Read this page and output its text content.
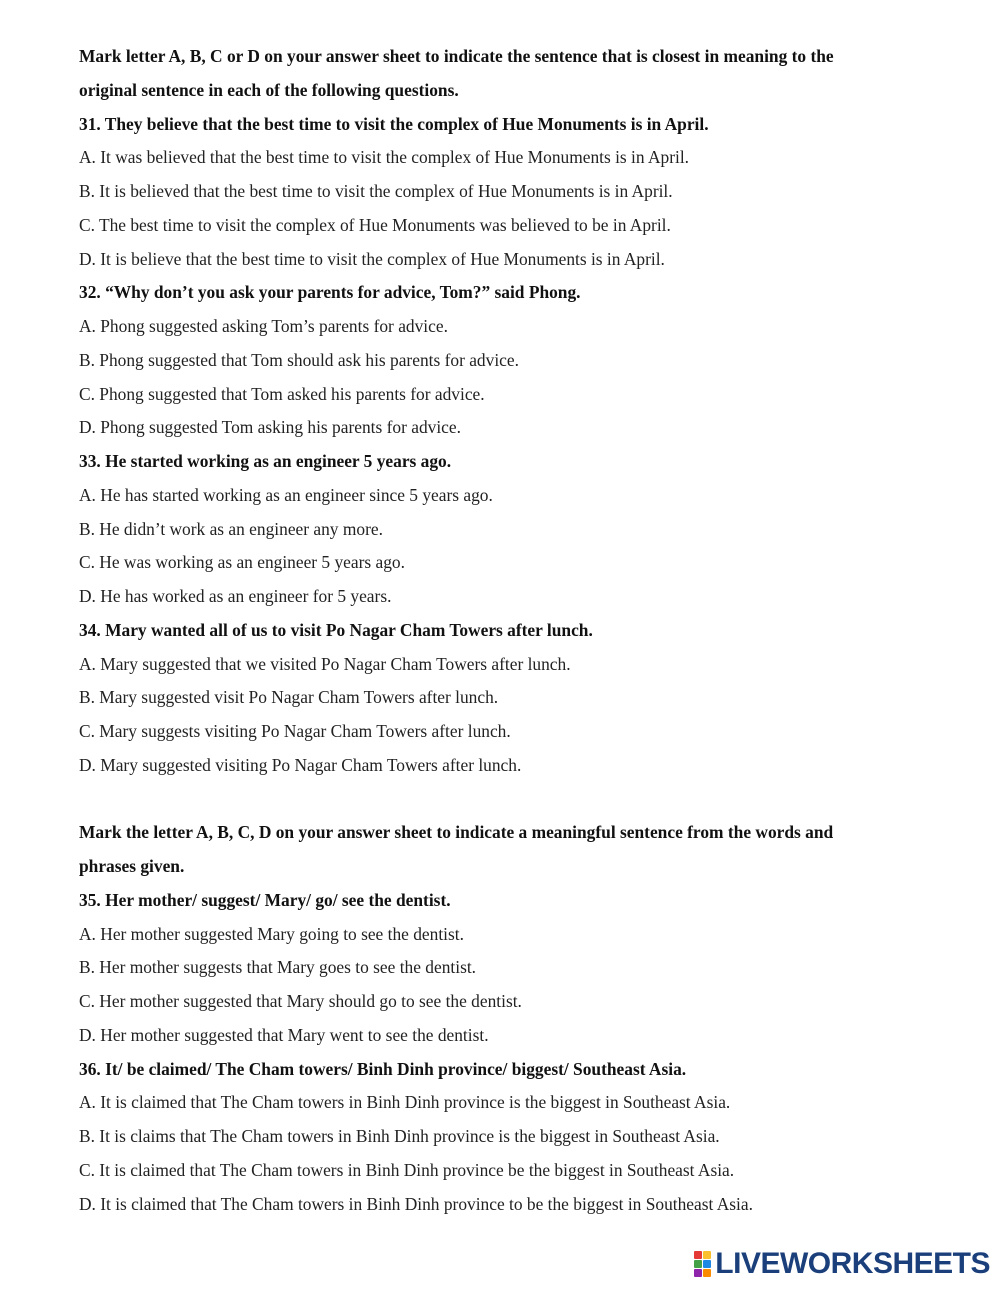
Mark letter A, B, C or D on your answer sheet to indicate the sentence that is closest in meaning to the
original sentence in each of the following questions.
31. They believe that the best time to visit the complex of Hue Monuments is in April.
A. It was believed that the best time to visit the complex of Hue Monuments is in April.
B. It is believed that the best time to visit the complex of Hue Monuments is in April.
C. The best time to visit the complex of Hue Monuments was believed to be in April.
D. It is believe that the best time to visit the complex of Hue Monuments is in April.
32. “Why don’t you ask your parents for advice, Tom?” said Phong.
A. Phong suggested asking Tom’s parents for advice.
B. Phong suggested that Tom should ask his parents for advice.
C. Phong suggested that Tom asked his parents for advice.
D. Phong suggested Tom asking his parents for advice.
33. He started working as an engineer 5 years ago.
A. He has started working as an engineer since 5 years ago.
B. He didn’t work as an engineer any more.
C. He was working as an engineer 5 years ago.
D. He has worked as an engineer for 5 years.
34. Mary wanted all of us to visit Po Nagar Cham Towers after lunch.
A. Mary suggested that we visited Po Nagar Cham Towers after lunch.
B. Mary suggested visit Po Nagar Cham Towers after lunch.
C. Mary suggests visiting Po Nagar Cham Towers after lunch.
D. Mary suggested visiting Po Nagar Cham Towers after lunch.
Mark the letter A, B, C, D on your answer sheet to indicate a meaningful sentence from the words and
phrases given.
35. Her mother/ suggest/ Mary/ go/ see the dentist.
A. Her mother suggested Mary going to see the dentist.
B. Her mother suggests that Mary goes to see the dentist.
C. Her mother suggested that Mary should go to see the dentist.
D. Her mother suggested that Mary went to see the dentist.
36. It/ be claimed/ The Cham towers/ Binh Dinh province/ biggest/ Southeast Asia.
A. It is claimed that The Cham towers in Binh Dinh province is the biggest in Southeast Asia.
B. It is claims that The Cham towers in Binh Dinh province is the biggest in Southeast Asia.
C. It is claimed that The Cham towers in Binh Dinh province be the biggest in Southeast Asia.
D. It is claimed that The Cham towers in Binh Dinh province to be the biggest in Southeast Asia.
LIVEWORKSHEETS
